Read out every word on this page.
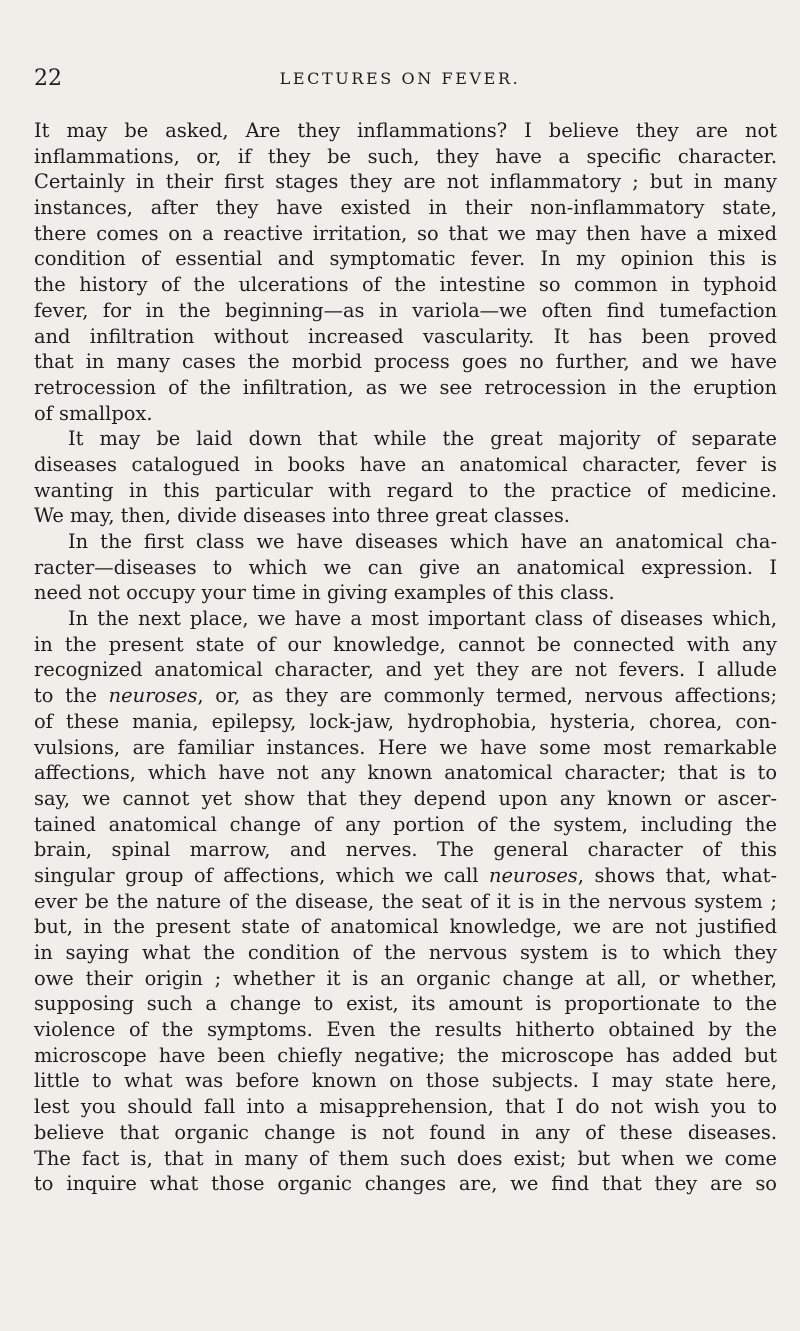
22	LECTURES ON FEVER.
It may be asked, Are they inflammations? I believe they are not
inflammations, or, if they be such, they have a specific character.
Certainly in their first stages they are not inflammatory ; but in many
instances, after they have existed in their non-inflammatory state,
there comes on a reactive irritation, so that we may then have a mixed
condition of essential and symptomatic fever. In my opinion this is
the history of the ulcerations of the intestine so common in typhoid
fever, for in the beginning—as in variola—we often find tumefaction
and infiltration without increased vascularity. It has been proved
that in many cases the morbid process goes no further, and we have
retrocession of the infiltration, as we see retrocession in the eruption
of smallpox.
It may be laid down that while the great majority of separate
diseases catalogued in books have an anatomical character, fever is
wanting in this particular with regard to the practice of medicine.
We may, then, divide diseases into three great classes.
In the first class we have diseases which have an anatomical cha-
racter—diseases to which we can give an anatomical expression. I
need not occupy your time in giving examples of this class.
In the next place, we have a most important class of diseases which,
in the present state of our knowledge, cannot be connected with any
recognized anatomical character, and yet they are not fevers. I allude
to the neuroses, or, as they are commonly termed, nervous affections;
of these mania, epilepsy, lock-jaw, hydrophobia, hysteria, chorea, con-
vulsions, are familiar instances. Here we have some most remarkable
affections, which have not any known anatomical character; that is to
say, we cannot yet show that they depend upon any known or ascer-
tained anatomical change of any portion of the system, including the
brain, spinal marrow, and nerves. The general character of this
singular group of affections, which we call neuroses, shows that, what-
ever be the nature of the disease, the seat of it is in the nervous system ;
but, in the present state of anatomical knowledge, we are not justified
in saying what the condition of the nervous system is to which they
owe their origin ; whether it is an organic change at all, or whether,
supposing such a change to exist, its amount is proportionate to the
violence of the symptoms. Even the results hitherto obtained by the
microscope have been chiefly negative; the microscope has added but
little to what was before known on those subjects. I may state here,
lest you should fall into a misapprehension, that I do not wish you to
believe that organic change is not found in any of these diseases.
The fact is, that in many of them such does exist; but when we come
to inquire what those organic changes are, we find that they are so
